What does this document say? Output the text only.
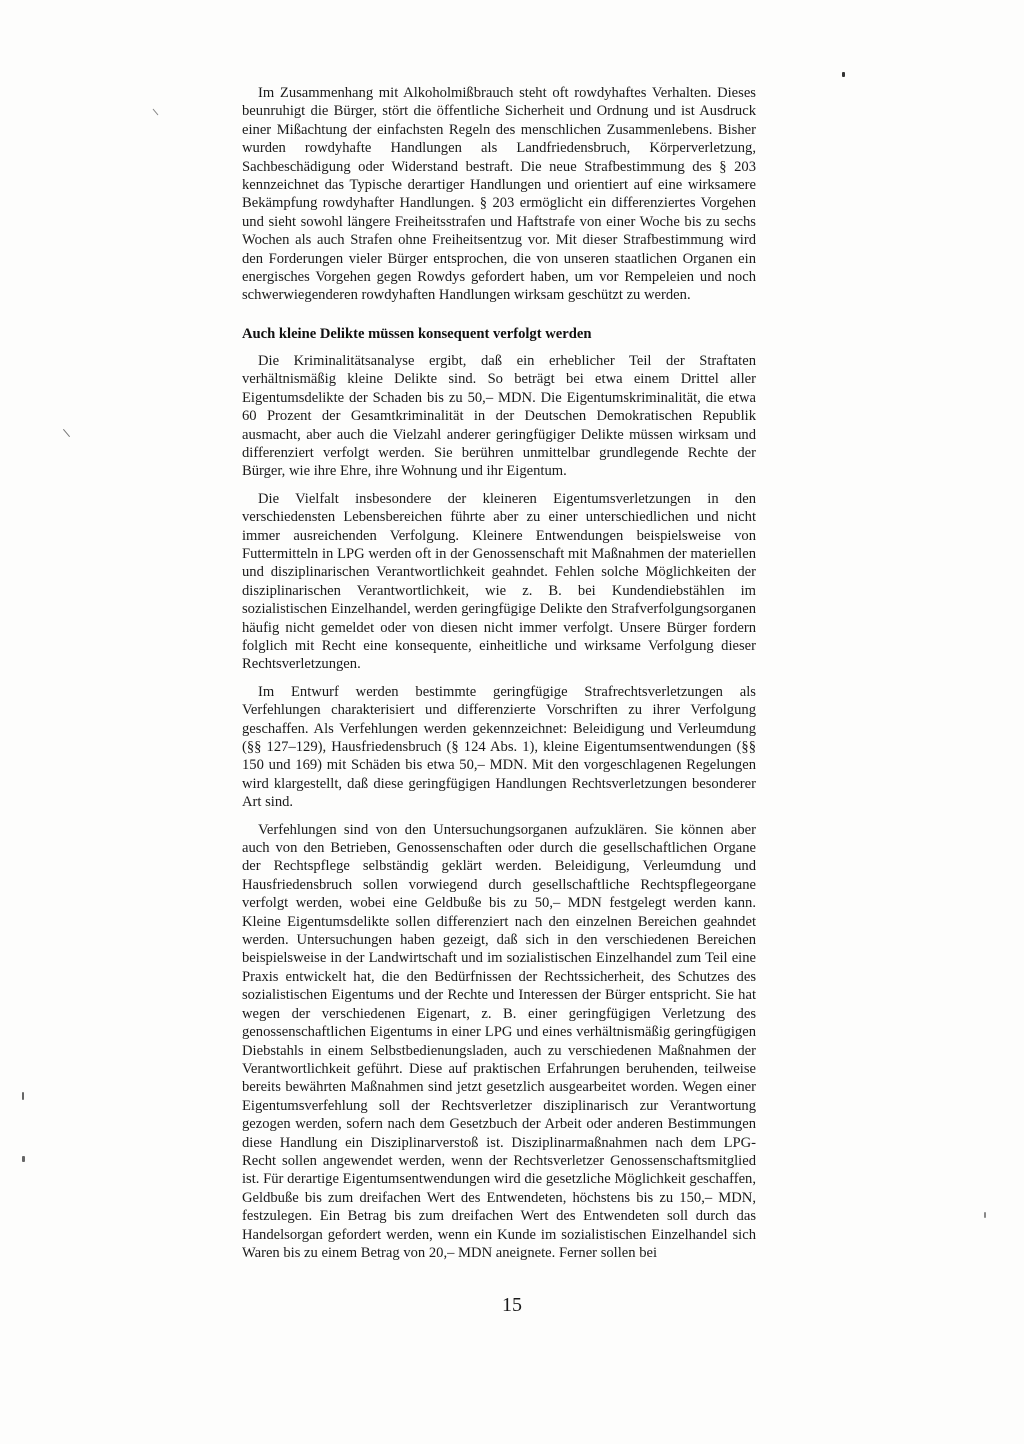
Im Zusammenhang mit Alkoholmißbrauch steht oft rowdyhaftes Verhalten. Dieses beunruhigt die Bürger, stört die öffentliche Sicherheit und Ordnung und ist Ausdruck einer Mißachtung der einfachsten Regeln des menschlichen Zusammenlebens. Bisher wurden rowdyhafte Handlungen als Landfriedensbruch, Körperverletzung, Sachbeschädigung oder Widerstand bestraft. Die neue Strafbestimmung des § 203 kennzeichnet das Typische derartiger Handlungen und orientiert auf eine wirksamere Bekämpfung rowdyhafter Handlungen. § 203 ermöglicht ein differenziertes Vorgehen und sieht sowohl längere Freiheitsstrafen und Haftstrafe von einer Woche bis zu sechs Wochen als auch Strafen ohne Freiheitsentzug vor. Mit dieser Strafbestimmung wird den Forderungen vieler Bürger entsprochen, die von unseren staatlichen Organen ein energisches Vorgehen gegen Rowdys gefordert haben, um vor Rempeleien und noch schwerwiegenderen rowdyhaften Handlungen wirksam geschützt zu werden.

Auch kleine Delikte müssen konsequent verfolgt werden

Die Kriminalitätsanalyse ergibt, daß ein erheblicher Teil der Straftaten verhältnismäßig kleine Delikte sind. So beträgt bei etwa einem Drittel aller Eigentumsdelikte der Schaden bis zu 50,– MDN. Die Eigentumskriminalität, die etwa 60 Prozent der Gesamtkriminalität in der Deutschen Demokratischen Republik ausmacht, aber auch die Vielzahl anderer geringfügiger Delikte müssen wirksam und differenziert verfolgt werden. Sie berühren unmittelbar grundlegende Rechte der Bürger, wie ihre Ehre, ihre Wohnung und ihr Eigentum.

Die Vielfalt insbesondere der kleineren Eigentumsverletzungen in den verschiedensten Lebensbereichen führte aber zu einer unterschiedlichen und nicht immer ausreichenden Verfolgung. Kleinere Entwendungen beispielsweise von Futtermitteln in LPG werden oft in der Genossenschaft mit Maßnahmen der materiellen und disziplinarischen Verantwortlichkeit geahndet. Fehlen solche Möglichkeiten der disziplinarischen Verantwortlichkeit, wie z. B. bei Kundendiebstählen im sozialistischen Einzelhandel, werden geringfügige Delikte den Strafverfolgungsorganen häufig nicht gemeldet oder von diesen nicht immer verfolgt. Unsere Bürger fordern folglich mit Recht eine konsequente, einheitliche und wirksame Verfolgung dieser Rechtsverletzungen.

Im Entwurf werden bestimmte geringfügige Strafrechtsverletzungen als Verfehlungen charakterisiert und differenzierte Vorschriften zu ihrer Verfolgung geschaffen. Als Verfehlungen werden gekennzeichnet: Beleidigung und Verleumdung (§§ 127–129), Hausfriedensbruch (§ 124 Abs. 1), kleine Eigentumsentwendungen (§§ 150 und 169) mit Schäden bis etwa 50,– MDN. Mit den vorgeschlagenen Regelungen wird klargestellt, daß diese geringfügigen Handlungen Rechtsverletzungen besonderer Art sind.

Verfehlungen sind von den Untersuchungsorganen aufzuklären. Sie können aber auch von den Betrieben, Genossenschaften oder durch die gesellschaftlichen Organe der Rechtspflege selbständig geklärt werden. Beleidigung, Verleumdung und Hausfriedensbruch sollen vorwiegend durch gesellschaftliche Rechtspflegeorgane verfolgt werden, wobei eine Geldbuße bis zu 50,– MDN festgelegt werden kann. Kleine Eigentumsdelikte sollen differenziert nach den einzelnen Bereichen geahndet werden. Untersuchungen haben gezeigt, daß sich in den verschiedenen Bereichen beispielsweise in der Landwirtschaft und im sozialistischen Einzelhandel zum Teil eine Praxis entwickelt hat, die den Bedürfnissen der Rechtssicherheit, des Schutzes des sozialistischen Eigentums und der Rechte und Interessen der Bürger entspricht. Sie hat wegen der verschiedenen Eigenart, z. B. einer geringfügigen Verletzung des genossenschaftlichen Eigentums in einer LPG und eines verhältnismäßig geringfügigen Diebstahls in einem Selbstbedienungsladen, auch zu verschiedenen Maßnahmen der Verantwortlichkeit geführt. Diese auf praktischen Erfahrungen beruhenden, teilweise bereits bewährten Maßnahmen sind jetzt gesetzlich ausgearbeitet worden. Wegen einer Eigentumsverfehlung soll der Rechtsverletzer disziplinarisch zur Verantwortung gezogen werden, sofern nach dem Gesetzbuch der Arbeit oder anderen Bestimmungen diese Handlung ein Disziplinarverstoß ist. Disziplinarmaßnahmen nach dem LPG-Recht sollen angewendet werden, wenn der Rechtsverletzer Genossenschaftsmitglied ist. Für derartige Eigentumsentwendungen wird die gesetzliche Möglichkeit geschaffen, Geldbuße bis zum dreifachen Wert des Entwendeten, höchstens bis zu 150,– MDN, festzulegen. Ein Betrag bis zum dreifachen Wert des Entwendeten soll durch das Handelsorgan gefordert werden, wenn ein Kunde im sozialistischen Einzelhandel sich Waren bis zu einem Betrag von 20,– MDN aneignete. Ferner sollen bei

15
